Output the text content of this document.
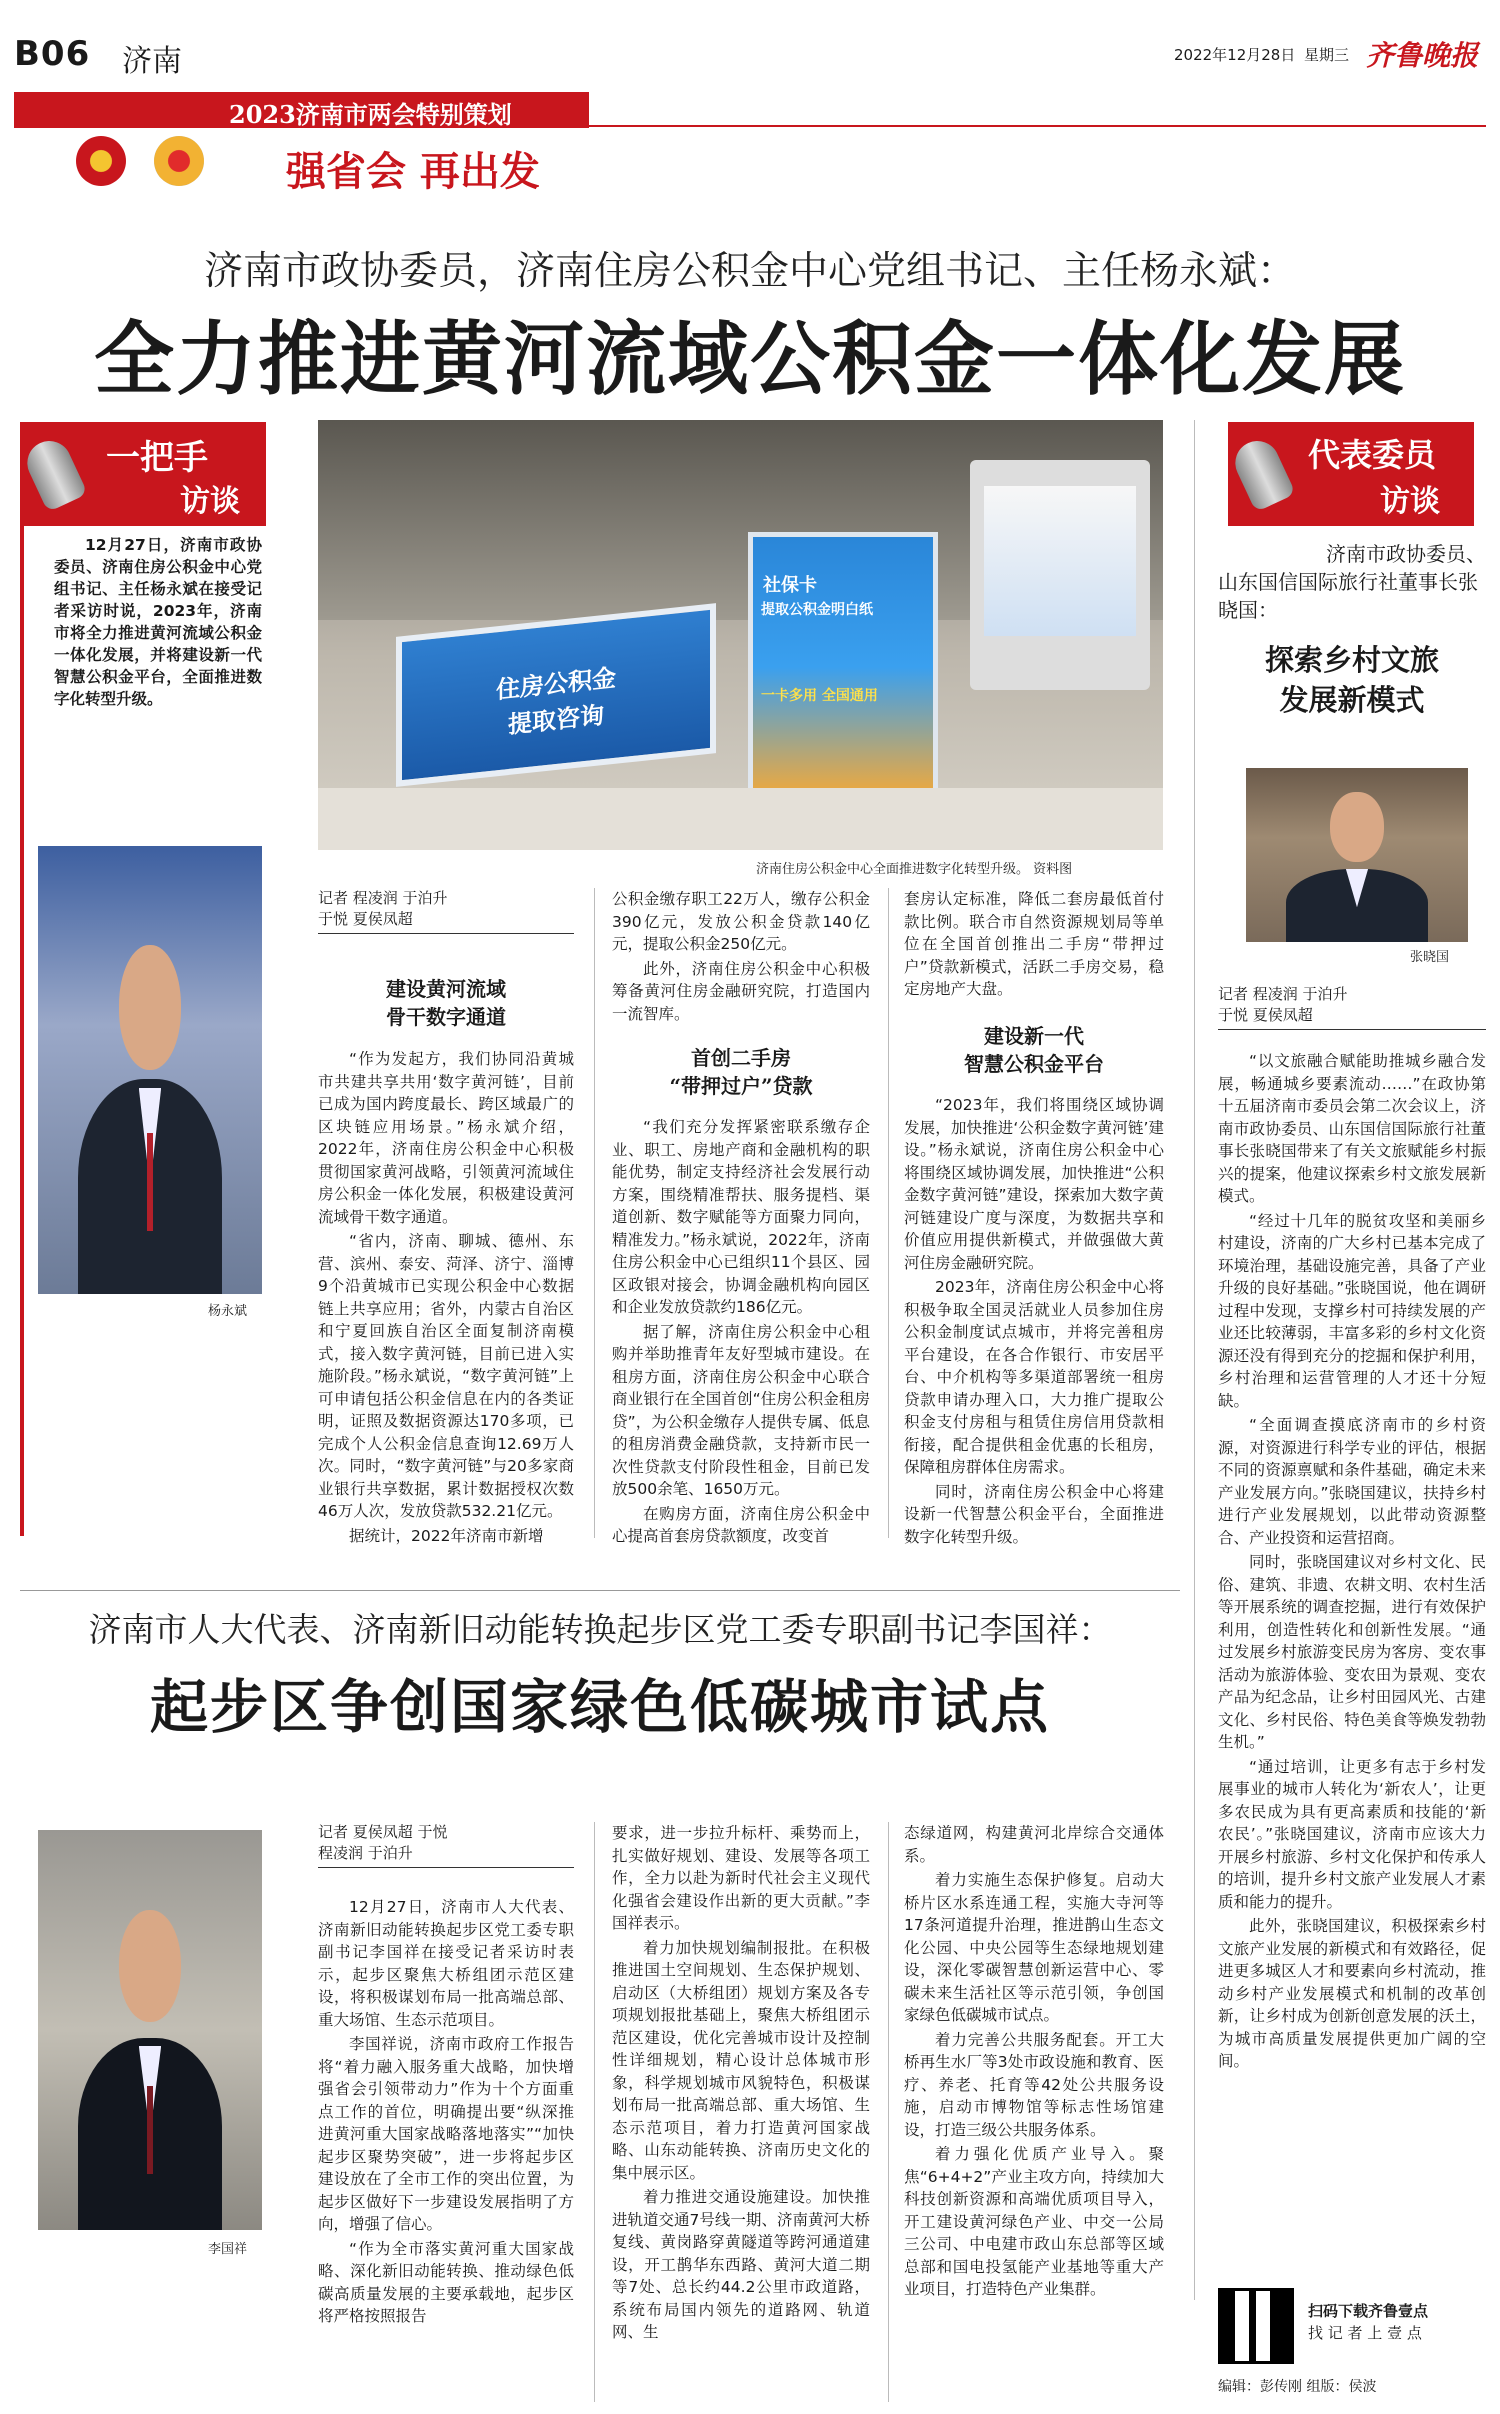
B06 济南	2022年12月28日 星期三 齐鲁晚报
2023济南市两会特别策划
强省会 再出发
济南市政协委员，济南住房公积金中心党组书记、主任杨永斌：
全力推进黄河流域公积金一体化发展
一把手
访谈

12月27日，济南市政协委员、济南住房公积金中心党组书记、主任杨永斌在接受记者采访时说，2023年，济南市将全力推进黄河流域公积金一体化发展，并将建设新一代智慧公积金平台，全面推进数字化转型升级。

杨永斌
住房公积金
提取咨询
社保卡
提取公积金明白纸
一卡多用 全国通用
济南住房公积金中心全面推进数字化转型升级。 资料图
记者 程凌润 于泊升
于悦 夏侯凤超
建设黄河流域
骨干数字通道

“作为发起方，我们协同沿黄城市共建共享共用‘数字黄河链’，目前已成为国内跨度最长、跨区域最广的区块链应用场景。”杨永斌介绍，2022年，济南住房公积金中心积极贯彻国家黄河战略，引领黄河流域住房公积金一体化发展，积极建设黄河流域骨干数字通道。

“省内，济南、聊城、德州、东营、滨州、泰安、菏泽、济宁、淄博9个沿黄城市已实现公积金中心数据链上共享应用；省外，内蒙古自治区和宁夏回族自治区全面复制济南模式，接入数字黄河链，目前已进入实施阶段。”杨永斌说，“数字黄河链”上可申请包括公积金信息在内的各类证明，证照及数据资源达170多项，已完成个人公积金信息查询12.69万人次。同时，“数字黄河链”与20多家商业银行共享数据，累计数据授权次数46万人次，发放贷款532.21亿元。

据统计，2022年济南市新增

公积金缴存职工22万人，缴存公积金390亿元，发放公积金贷款140亿元，提取公积金250亿元。

此外，济南住房公积金中心积极筹备黄河住房金融研究院，打造国内一流智库。

首创二手房
“带押过户”贷款

“我们充分发挥紧密联系缴存企业、职工、房地产商和金融机构的职能优势，制定支持经济社会发展行动方案，围绕精准帮扶、服务提档、渠道创新、数字赋能等方面聚力同向，精准发力。”杨永斌说，2022年，济南住房公积金中心已组织11个县区、园区政银对接会，协调金融机构向园区和企业发放贷款约186亿元。

据了解，济南住房公积金中心租购并举助推青年友好型城市建设。在租房方面，济南住房公积金中心联合商业银行在全国首创“住房公积金租房贷”，为公积金缴存人提供专属、低息的租房消费金融贷款，支持新市民一次性贷款支付阶段性租金，目前已发放500余笔、1650万元。

在购房方面，济南住房公积金中心提高首套房贷款额度，改变首

套房认定标准，降低二套房最低首付款比例。联合市自然资源规划局等单位在全国首创推出二手房“带押过户”贷款新模式，活跃二手房交易，稳定房地产大盘。

建设新一代
智慧公积金平台

“2023年，我们将围绕区域协调发展，加快推进‘公积金数字黄河链’建设。”杨永斌说，济南住房公积金中心将围绕区域协调发展，加快推进“公积金数字黄河链”建设，探索加大数字黄河链建设广度与深度，为数据共享和价值应用提供新模式，并做强做大黄河住房金融研究院。

2023年，济南住房公积金中心将积极争取全国灵活就业人员参加住房公积金制度试点城市，并将完善租房平台建设，在各合作银行、市安居平台、中介机构等多渠道部署统一租房贷款申请办理入口，大力推广提取公积金支付房租与租赁住房信用贷款相衔接，配合提供租金优惠的长租房，保障租房群体住房需求。

同时，济南住房公积金中心将建设新一代智慧公积金平台，全面推进数字化转型升级。

代表委员
访谈
济南市政协委员、
山东国信国际旅行社董事长张晓国：
探索乡村文旅
发展新模式
张晓国
记者 程凌润 于泊升
于悦 夏侯凤超

“以文旅融合赋能助推城乡融合发展，畅通城乡要素流动……”在政协第十五届济南市委员会第二次会议上，济南市政协委员、山东国信国际旅行社董事长张晓国带来了有关文旅赋能乡村振兴的提案，他建议探索乡村文旅发展新模式。

“经过十几年的脱贫攻坚和美丽乡村建设，济南的广大乡村已基本完成了环境治理，基础设施完善，具备了产业升级的良好基础。”张晓国说，他在调研过程中发现，支撑乡村可持续发展的产业还比较薄弱，丰富多彩的乡村文化资源还没有得到充分的挖掘和保护利用，乡村治理和运营管理的人才还十分短缺。

“全面调查摸底济南市的乡村资源，对资源进行科学专业的评估，根据不同的资源禀赋和条件基础，确定未来产业发展方向。”张晓国建议，扶持乡村进行产业发展规划，以此带动资源整合、产业投资和运营招商。

同时，张晓国建议对乡村文化、民俗、建筑、非遗、农耕文明、农村生活等开展系统的调查挖掘，进行有效保护利用，创造性转化和创新性发展。“通过发展乡村旅游变民房为客房、变农事活动为旅游体验、变农田为景观、变农产品为纪念品，让乡村田园风光、古建文化、乡村民俗、特色美食等焕发勃勃生机。”

“通过培训，让更多有志于乡村发展事业的城市人转化为‘新农人’，让更多农民成为具有更高素质和技能的‘新农民’。”张晓国建议，济南市应该大力开展乡村旅游、乡村文化保护和传承人的培训，提升乡村文旅产业发展人才素质和能力的提升。

此外，张晓国建议，积极探索乡村文旅产业发展的新模式和有效路径，促进更多城区人才和要素向乡村流动，推动乡村产业发展模式和机制的改革创新，让乡村成为创新创意发展的沃土，为城市高质量发展提供更加广阔的空间。

扫码下载齐鲁壹点
找 记 者 上 壹 点
编辑：彭传刚 组版：侯波
济南市人大代表、济南新旧动能转换起步区党工委专职副书记李国祥：
起步区争创国家绿色低碳城市试点
李国祥
记者 夏侯凤超 于悦
程凌润 于泊升

12月27日，济南市人大代表、济南新旧动能转换起步区党工委专职副书记李国祥在接受记者采访时表示，起步区聚焦大桥组团示范区建设，将积极谋划布局一批高端总部、重大场馆、生态示范项目。

李国祥说，济南市政府工作报告将“着力融入服务重大战略，加快增强省会引领带动力”作为十个方面重点工作的首位，明确提出要“纵深推进黄河重大国家战略落地落实”“加快起步区聚势突破”，进一步将起步区建设放在了全市工作的突出位置，为起步区做好下一步建设发展指明了方向，增强了信心。

“作为全市落实黄河重大国家战略、深化新旧动能转换、推动绿色低碳高质量发展的主要承载地，起步区将严格按照报告

要求，进一步拉升标杆、乘势而上，扎实做好规划、建设、发展等各项工作，全力以赴为新时代社会主义现代化强省会建设作出新的更大贡献。”李国祥表示。

着力加快规划编制报批。在积极推进国土空间规划、生态保护规划、启动区（大桥组团）规划方案及各专项规划报批基础上，聚焦大桥组团示范区建设，优化完善城市设计及控制性详细规划，精心设计总体城市形象，科学规划城市风貌特色，积极谋划布局一批高端总部、重大场馆、生态示范项目，着力打造黄河国家战略、山东动能转换、济南历史文化的集中展示区。

着力推进交通设施建设。加快推进轨道交通7号线一期、济南黄河大桥复线、黄岗路穿黄隧道等跨河通道建设，开工鹊华东西路、黄河大道二期等7处、总长约44.2公里市政道路，系统布局国内领先的道路网、轨道网、生

态绿道网，构建黄河北岸综合交通体系。

着力实施生态保护修复。启动大桥片区水系连通工程，实施大寺河等17条河道提升治理，推进鹊山生态文化公园、中央公园等生态绿地规划建设，深化零碳智慧创新运营中心、零碳未来生活社区等示范引领，争创国家绿色低碳城市试点。

着力完善公共服务配套。开工大桥再生水厂等3处市政设施和教育、医疗、养老、托育等42处公共服务设施，启动市博物馆等标志性场馆建设，打造三级公共服务体系。

着力强化优质产业导入。聚焦“6+4+2”产业主攻方向，持续加大科技创新资源和高端优质项目导入，开工建设黄河绿色产业、中交一公局三公司、中电建市政山东总部等区域总部和国电投氢能产业基地等重大产业项目，打造特色产业集群。
